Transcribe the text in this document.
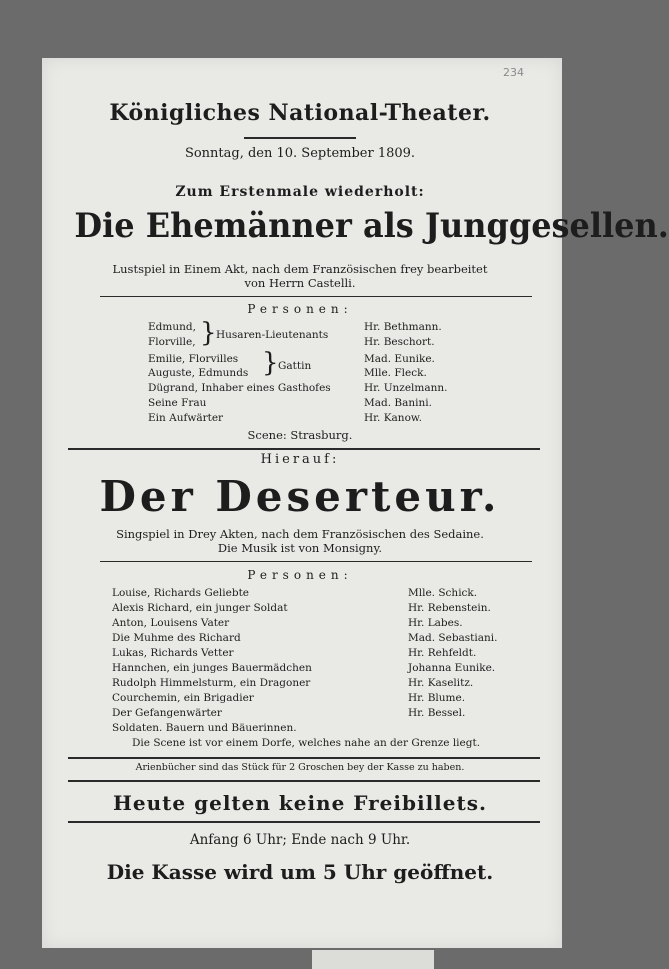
234
Königliches National-Theater.
Sonntag, den 10. September 1809.
Zum Erstenmale wiederholt:
Die Ehemänner als Junggesellen.
Lustspiel in Einem Akt, nach dem Französischen frey bearbeitet
von Herrn Castelli.
Personen:
Edmund,	Hr. Bethmann.
Florville,	Hr. Beschort.
} Husaren-Lieutenants
Emilie, Florvilles	Mad. Eunike.
Auguste, Edmunds	Mlle. Fleck.
} Gattin
Dügrand, Inhaber eines Gasthofes	Hr. Unzelmann.
Seine Frau	Mad. Banini.
Ein Aufwärter	Hr. Kanow.
Scene: Strasburg.
Hierauf:
Der Deserteur.
Singspiel in Drey Akten, nach dem Französischen des Sedaine.
Die Musik ist von Monsigny.
Personen:
Louise, Richards Geliebte	Mlle. Schick.
Alexis Richard, ein junger Soldat	Hr. Rebenstein.
Anton, Louisens Vater	Hr. Labes.
Die Muhme des Richard	Mad. Sebastiani.
Lukas, Richards Vetter	Hr. Rehfeldt.
Hannchen, ein junges Bauermädchen	Johanna Eunike.
Rudolph Himmelsturm, ein Dragoner	Hr. Kaselitz.
Courchemin, ein Brigadier	Hr. Blume.
Der Gefangenwärter	Hr. Bessel.
Soldaten. Bauern und Bäuerinnen.
Die Scene ist vor einem Dorfe, welches nahe an der Grenze liegt.
Arienbücher sind das Stück für 2 Groschen bey der Kasse zu haben.
Heute gelten keine Freibillets.
Anfang 6 Uhr; Ende nach 9 Uhr.
Die Kasse wird um 5 Uhr geöffnet.
